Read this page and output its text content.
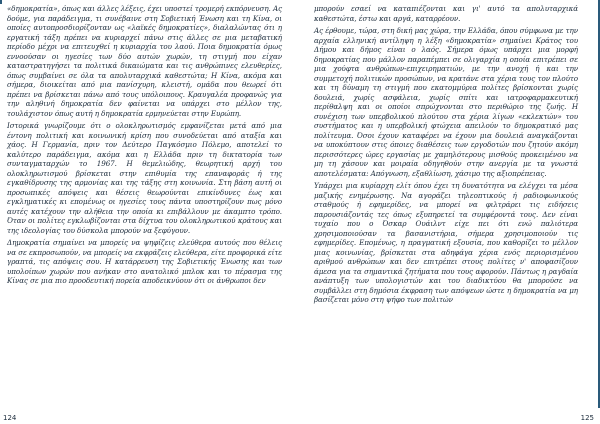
«δημοκρατία», όπως και άλλες λέξεις, έχει υποστεί τρομερή εκπόρνευση. Ας δούμε, για παράδειγμα, τι συνέβαινε στη Σοβιετική Ένωση και τη Κίνα, οι οποίες αυτοπροσδιορίζονταν ως «λαϊκές δημοκρατίες», διαλαλώντας ότι η εργατική τάξη πρέπει να κυριαρχεί πάνω στις άλλες σε μια μεταβατική περίοδο μέχρι να επιτευχθεί η κυριαρχία του λαού. Ποια δημοκρατία όμως εννοούσαν οι ηγεσίες των δύο αυτών χωρών, τη στιγμή που είχαν καταστρατηγήσει τα πολιτικά δικαιώματα και τις ανθρώπινες ελευθερίες, όπως συμβαίνει σε όλα τα απολυταρχικά καθεστώτα; Η Κίνα, ακόμα και σήμερα, διοικείται από μια πανίσχυρη, κλειστή, ομάδα που θεωρεί ότι πρέπει να βρίσκεται πάνω από τους υπόλοιπους. Κραυγαλέα προφανώς για την αληθινή δημοκρατία δεν φαίνεται να υπάρχει στο μέλλον της, τουλάχιστον όπως αυτή η δημοκρατία ερμηνεύεται στην Ευρώπη.

Ιστορικά γνωρίζουμε ότι ο ολοκληρωτισμός εμφανίζεται μετά από μια έντονη πολιτική και κοινωνική κρίση που συνοδεύεται από αταξία και χάος. Η Γερμανία, πριν τον Δεύτερο Παγκόσμιο Πόλεμο, αποτελεί το καλύτερο παράδειγμα, ακόμα και η Ελλάδα πριν τη δικτατορία των συνταγματαρχών το 1967. Η θεμελιώδης, θεωρητική αρχή του ολοκληρωτισμού βρίσκεται στην επιθυμία της επαναφοράς ή της εγκαθίδρυσης της αρμονίας και της τάξης στη κοινωνία. Στη βάση αυτή οι προσωπικές απόψεις και θέσεις θεωρούνται επικίνδυνες έως και εγκληματικές κι επομένως οι ηγεσίες τους πάντα υποστηρίζουν πως μόνο αυτές κατέχουν την αλήθεια την οποία κι επιβάλλουν με άκαμπτο τρόπο. Όταν οι πολίτες εγκλωβίζονται στα δίχτυα του ολοκληρωτικού κράτους και της ιδεολογίας του δύσκολα μπορούν να ξεφύγουν.

Δημοκρατία σημαίνει να μπορείς να ψηφίζεις ελεύθερα αυτούς που θέλεις να σε εκπροσωπούν, να μπορείς να εκφράζεις ελεύθερα, είτε προφορικά είτε γραπτά, τις απόψεις σου. Η κατάρρευση της Σοβιετικής Ένωσης και των υπολοίπων χωρών που ανήκαν στο ανατολικό μπλοκ και το πέρασμα της Κίνας σε μια πιο προοδευτική πορεία αποδεικνύουν ότι οι άνθρωποι δεν

μπορούν εσαεί να καταπιέζονται και γι' αυτό τα απολυταρχικά καθεστώτα, έστω και αργά, καταρρέουν.

Ας έρθουμε, τώρα, στη δική μας χώρα, την Ελλάδα, όπου σύμφωνα με την αρχαία ελληνική αντίληψη η λέξη «δημοκρατία» σημαίνει Κράτος του Δήμου και δήμος είναι ο λαός. Σήμερα όμως υπάρχει μια μορφή δημοκρατίας που μάλλον παραπέμπει σε ολιγαρχία η οποία επιτρέπει σε μια χούφτα ανθρώπων-επιχειρηματιών, με την ανοχή ή και την συμμετοχή πολιτικών προσώπων, να κρατάνε στα χέρια τους τον πλούτο και τη δύναμη τη στιγμή που εκατομμύρια πολίτες βρίσκονται χωρίς δουλειά, χωρίς ασφάλεια, χωρίς σπίτι και ιατροφαρμακευτική περίθαλψη και οι οποίοι σπρώχνονται στο περιθώριο της ζωής. Η συνέχιση των υπερβολικού πλούτου στα χέρια λίγων «εκλεκτών» του συστήματος και η υπερβολική φτώχεια απειλούν το δημοκρατικό μας πολίτευμα. Όσοι έχουν καταφέρει να έχουν μια δουλειά αναγκάζονται να υποκύπτουν στις όποιες διαθέσεις των εργοδοτών που ζητούν ακόμη περισσότερες ώρες εργασίας με χαμηλότερους μισθούς προκειμένου να μη τη χάσουν και μοιραία οδηγηθούν στην ανεργία με τα γνωστά αποτελέσματα: Απόγνωση, εξαθλίωση, χάσιμο της αξιοπρέπειας.

Υπάρχει μια κυρίαρχη ελίτ όπου έχει τη δυνατότητα να ελέγχει τα μέσα μαζικής ενημέρωσης. Να αγοράζει τηλεοπτικούς ή ραδιοφωνικούς σταθμούς ή εφημερίδες, να μπορεί να φιλτράρει τις ειδήσεις παρουσιάζοντάς τες όπως εξυπηρετεί τα συμφέροντά τους. Δεν είναι τυχαίο που ο Όσκαρ Ουάιλντ είχε πει ότι ενώ παλιότερα χρησιμοποιούσαν τα βασανιστήρια, σήμερα χρησιμοποιούν τις εφημερίδες. Επομένως, η πραγματική εξουσία, που καθορίζει το μέλλον μιας κοινωνίας, βρίσκεται στα αδηφάγα χέρια ενός περιορισμένου αριθμού ανθρώπων και δεν επιτρέπει στους πολίτες ν' αποφασίζουν άμεσα για τα σημαντικά ζητήματα που τους αφορούν. Πάντως η ραγδαία ανάπτυξη των υπολογιστών και του διαδικτύου θα μπορούσε να συμβάλλει στη δημόσια έκφραση των απόψεων ώστε η δημοκρατία να μη βασίζεται μόνο στη ψήφο των πολιτών

124	125
